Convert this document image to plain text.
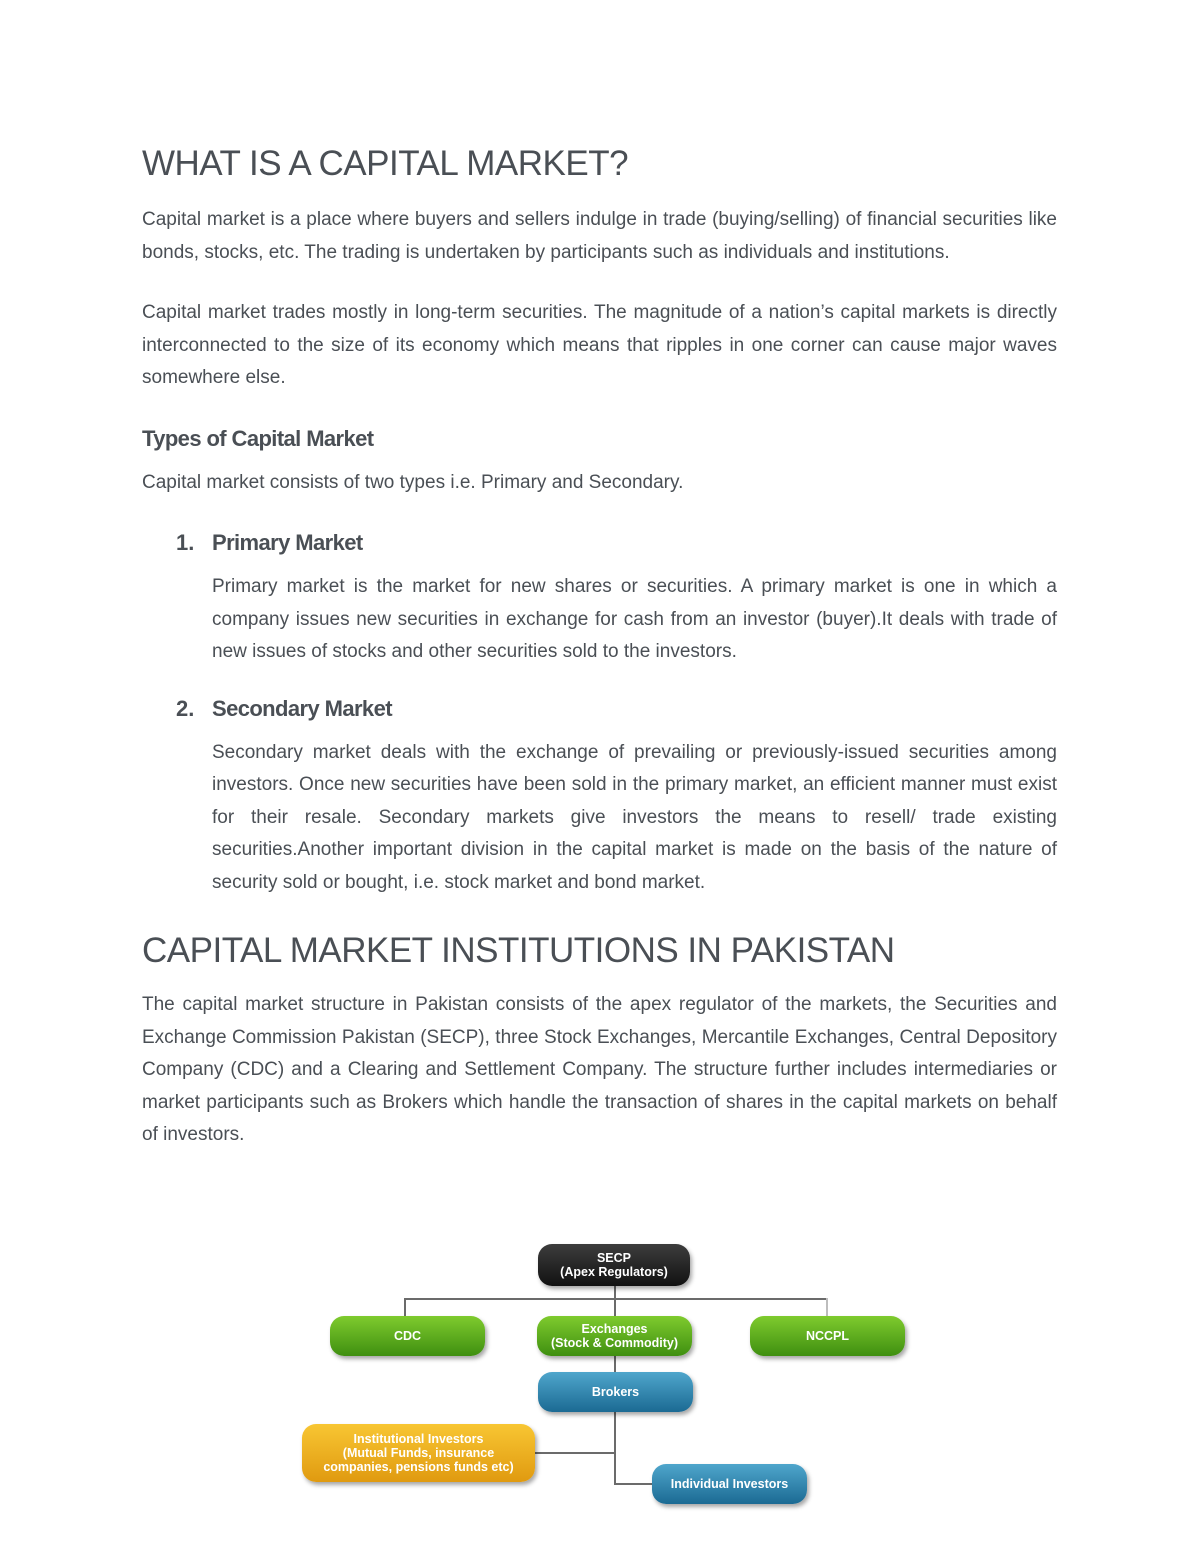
WHAT IS A CAPITAL MARKET?

Capital market is a place where buyers and sellers indulge in trade (buying/selling) of financial securities like bonds, stocks, etc. The trading is undertaken by participants such as individuals and institutions.

Capital market trades mostly in long-term securities. The magnitude of a nation’s capital markets is directly interconnected to the size of its economy which means that ripples in one corner can cause major waves somewhere else.

Types of Capital Market

Capital market consists of two types i.e. Primary and Secondary.

1. Primary Market

Primary market is the market for new shares or securities. A primary market is one in which a company issues new securities in exchange for cash from an investor (buyer).It deals with trade of new issues of stocks and other securities sold to the investors.

2. Secondary Market

Secondary market deals with the exchange of prevailing or previously-issued securities among investors. Once new securities have been sold in the primary market, an efficient manner must exist for their resale. Secondary markets give investors the means to resell/ trade existing securities.Another important division in the capital market is made on the basis of the nature of security sold or bought, i.e. stock market and bond market.

CAPITAL MARKET INSTITUTIONS IN PAKISTAN

The capital market structure in Pakistan consists of the apex regulator of the markets, the Securities and Exchange Commission Pakistan (SECP), three Stock Exchanges, Mercantile Exchanges, Central Depository Company (CDC) and a Clearing and Settlement Company. The structure further includes intermediaries or market participants such as Brokers which handle the transaction of shares in the capital markets on behalf of investors.

SECP
(Apex Regulators)
CDC	Exchanges
(Stock & Commodity)	NCCPL
Brokers
Institutional Investors
(Mutual Funds, insurance
companies, pensions funds etc)
Individual Investors
